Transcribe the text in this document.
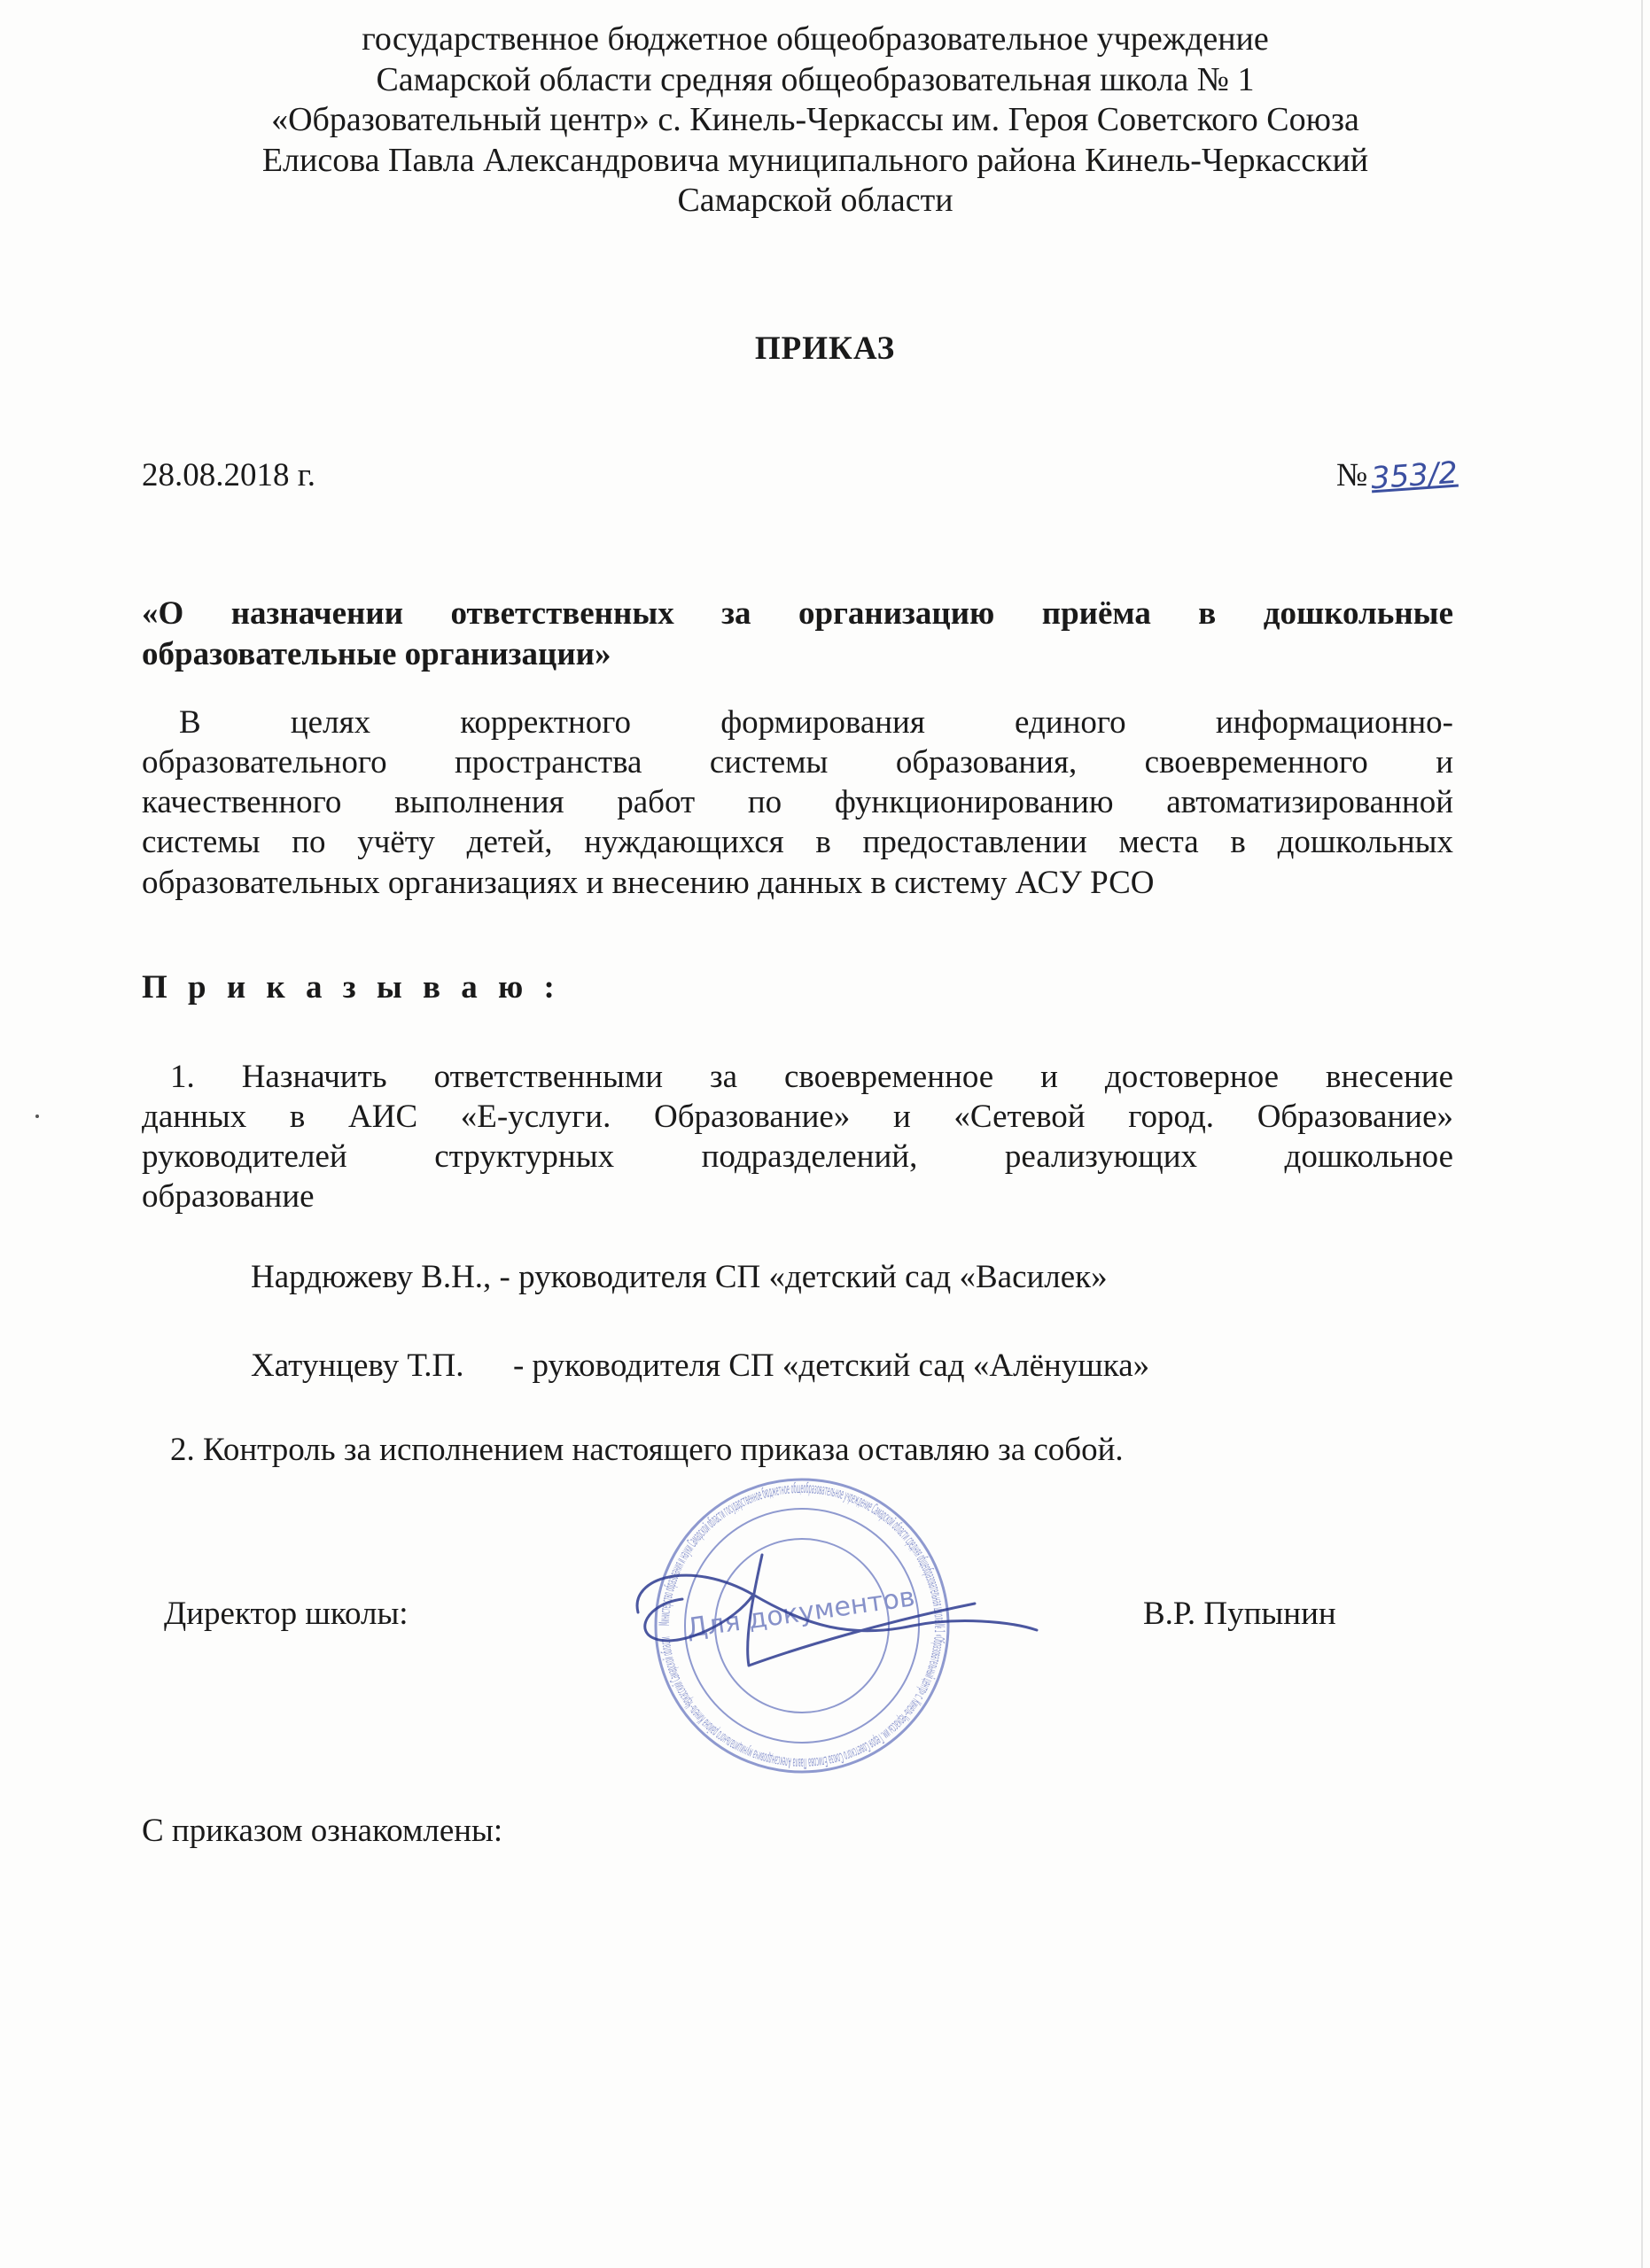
государственное бюджетное общеобразовательное учреждение
Самарской области средняя общеобразовательная школа № 1
«Образовательный центр» с. Кинель-Черкассы им. Героя Советского Союза
Елисова Павла Александровича муниципального района Кинель-Черкасский
Самарской области
ПРИКАЗ
28.08.2018 г.	№353/2
«О назначении ответственных за организацию приёма в дошкольные
образовательные организации»
В целях корректного формирования единого информационно-
образовательного пространства системы образования, своевременного и
качественного выполнения работ по функционированию автоматизированной
системы по учёту детей, нуждающихся в предоставлении места в дошкольных
образовательных организациях и внесению данных в систему АСУ РСО
П р и к а з ы в а ю :
1. Назначить ответственными за своевременное и достоверное внесение
данных в АИС «Е-услуги. Образование» и «Сетевой город. Образование»
руководителей структурных подразделений, реализующих дошкольное
образование
Нардюжеву В.Н., - руководителя СП «детский сад «Василек»
Хатунцеву Т.П.      - руководителя СП «детский сад «Алёнушка»
2. Контроль за исполнением настоящего приказа оставляю за собой.
Министерство образования и науки Самарской области государственное бюджетное общеобразовательное учреждение Самарской области средняя общеобразовательная школа № 1 «Образовательный центр» с. Кинель-Черкассы им. Героя Советского Союза Елисова Павла Александровича муниципального района Кинель-Черкасский Самарской области Для документов
Директор школы:	В.Р. Пупынин
С приказом ознакомлены:
